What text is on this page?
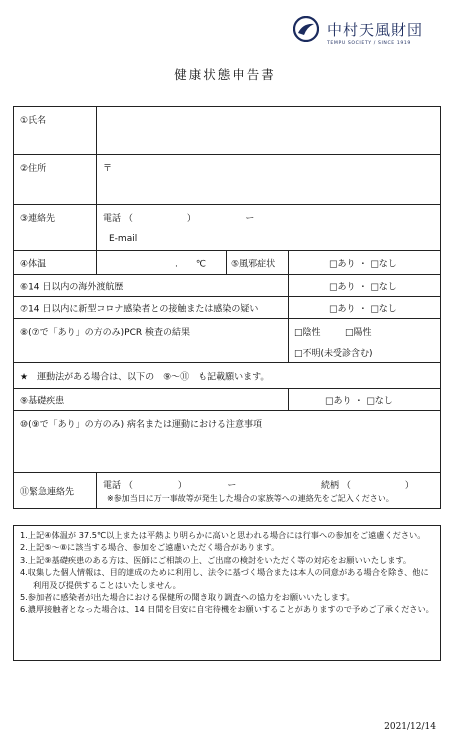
中村天風財団
TEMPU SOCIETY / SINCE 1919
健康状態申告書
①氏名
②住所	〒
③連絡先	電話 （　　　　　　）　　　　　　ー
E-mail
④体温	.　　℃	⑤風邪症状	□あり ・ □なし
⑥14 日以内の海外渡航歴	□あり ・ □なし
⑦14 日以内に新型コロナ感染者との接触または感染の疑い	□あり ・ □なし
⑧(⑦で「あり」の方のみ)PCR 検査の結果	□陰性	□陽性
□不明(未受診含む)
★　運動法がある場合は、以下の　⑨〜⑪　も記載願います。
⑨基礎疾患	□あり ・ □なし
⑩(⑨で「あり」の方のみ) 病名または運動における注意事項
⑪緊急連絡先
電話 （　　　　　）　　　　　ー	続柄 （　　　　　　）
※参加当日に万一事故等が発生した場合の家族等への連絡先をご記入ください。
1.上記④体温が 37.5℃以上または平熱より明らかに高いと思われる場合には行事への参加をご遠慮ください。
2.上記⑤〜⑧に該当する場合、参加をご遠慮いただく場合があります。
3.上記⑨基礎疾患のある方は、医師にご相談の上、ご出席の検討をいただく等の対応をお願いいたします。
4.収集した個人情報は、目的達成のために利用し、法令に基づく場合または本人の同意がある場合を除き、他に利用及び提供することはいたしません。
5.参加者に感染者が出た場合における保健所の聞き取り調査への協力をお願いいたします。
6.濃厚接触者となった場合は、14 日間を目安に自宅待機をお願いすることがありますので予めご了承ください。
2021/12/14
